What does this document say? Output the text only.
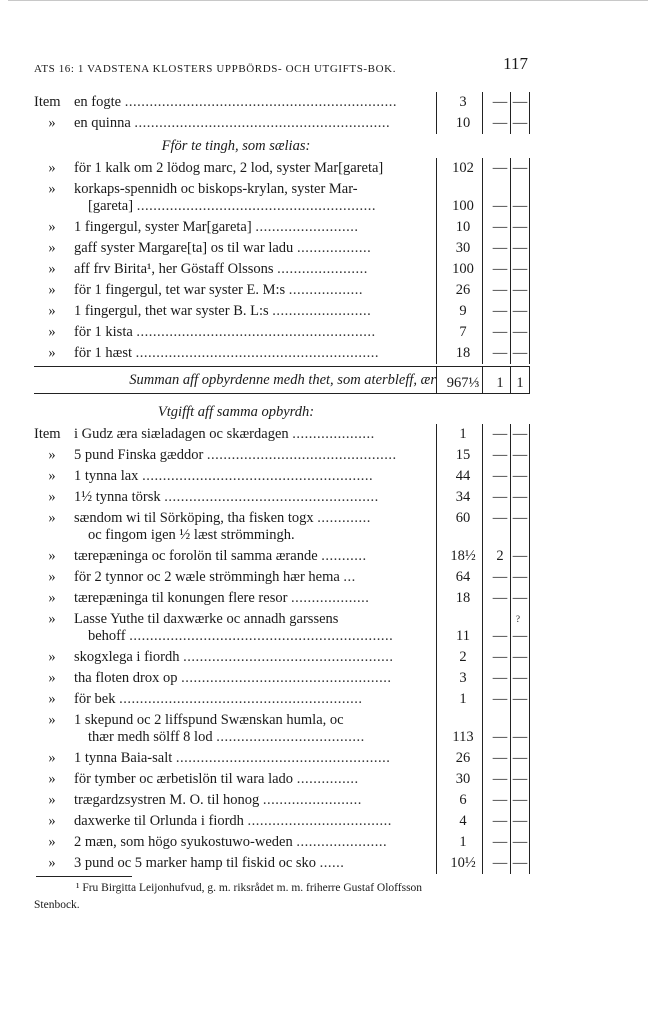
ATS 16: 1 VADSTENA KLOSTERS UPPBÖRDS- OCH UTGIFTS-BOK.	117
Item en fogte ..................................................................	3	— —
» en quinna ..............................................................	10	— —
Fför te tingh, som sælias:
» för 1 kalk om 2 lödog marc, 2 lod, syster Mar[gareta]	102	— —
» korkaps-spennidh oc biskops-krylan, syster Mar-
[gareta] ..........................................................	100	— —
» 1 fingergul, syster Mar[gareta] .........................	10	— —
» gaff syster Margare[ta] os til war ladu ..................	30	— —
» aff frv Birita¹, her Göstaff Olssons ......................	100	— —
» för 1 fingergul, tet war syster E. M:s ..................	26	— —
» 1 fingergul, thet war syster B. L:s ........................	9	— —
» för 1 kista ..........................................................	7	— —
» för 1 hæst ...........................................................	18	— —
Summan aff opbyrdenne medh thet, som aterbleff, ær 967⅓	1 1
Vtgifft aff samma opbyrdh:
Item i Gudz æra siæladagen oc skærdagen ....................	1	— —
» 5 pund Finska gæddor ..............................................	15	— —
» 1 tynna lax ........................................................	44	— —
» 1½ tynna törsk ....................................................	34	— —
» sændom wi til Sörköping, tha fisken togx .............
oc fingom igen ½ læst strömmingh.
60	— —
» tærepæninga oc forolön til samma ærande ...........	18½	2 —
» för 2 tynnor oc 2 wæle strömmingh hær hema ...	64	— —
» tærepæninga til konungen flere resor ...................	18	— —
» Lasse Yuthe til daxwærke oc annadh garssens
behoff ................................................................	11	— —
?
» skogxlega i fiordh ...................................................	2	— —
» tha floten drox op ...................................................	3	— —
» för bek ...........................................................	1	— —
» 1 skepund oc 2 liffspund Swænskan humla, oc
thær medh sölff 8 lod ....................................	113	— —
» 1 tynna Baia-salt ....................................................	26	— —
» för tymber oc ærbetislön til wara lado ...............	30	— —
» trægardzsystren M. O. til honog ........................	6	— —
» daxwerke til Orlunda i fiordh ...................................	4	— —
» 2 mæn, som högo syukostuwo-weden ......................	1	— —
» 3 pund oc 5 marker hamp til fiskid oc sko ......	10½	— —
¹ Fru Birgitta Leijonhufvud, g. m. riksrådet m. m. friherre Gustaf Oloffsson
Stenbock.
